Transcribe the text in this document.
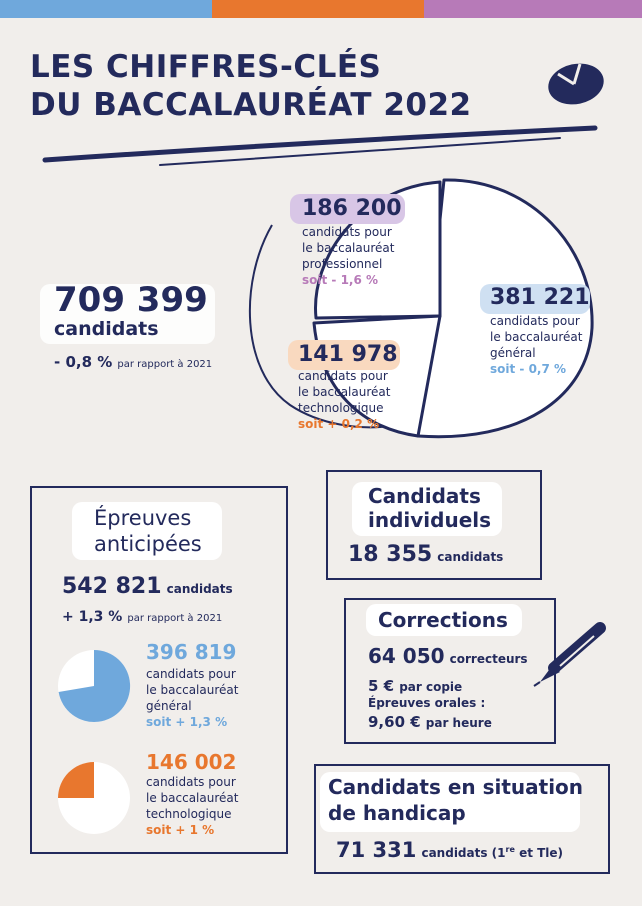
LES CHIFFRES-CLÉS
DU BACCALAURÉAT 2022
709 399
candidats
- 0,8 % par rapport à 2021
186 200
candidats pour
le baccalauréat
professionnel
soit - 1,6 %
381 221
candidats pour
le baccalauréat
général
soit - 0,7 %
141 978
candidats pour
le baccalauréat
technologique
soit + 0,2 %
Épreuves
anticipées
542 821 candidats
+ 1,3 % par rapport à 2021
396 819
candidats pour
le baccalauréat
général
soit + 1,3 %
146 002
candidats pour
le baccalauréat
technologique
soit + 1 %
Candidats
individuels
18 355 candidats
Corrections
64 050 correcteurs
5 € par copie
Épreuves orales :
9,60 € par heure
Candidats en situation
de handicap
71 331 candidats (1re et Tle)
